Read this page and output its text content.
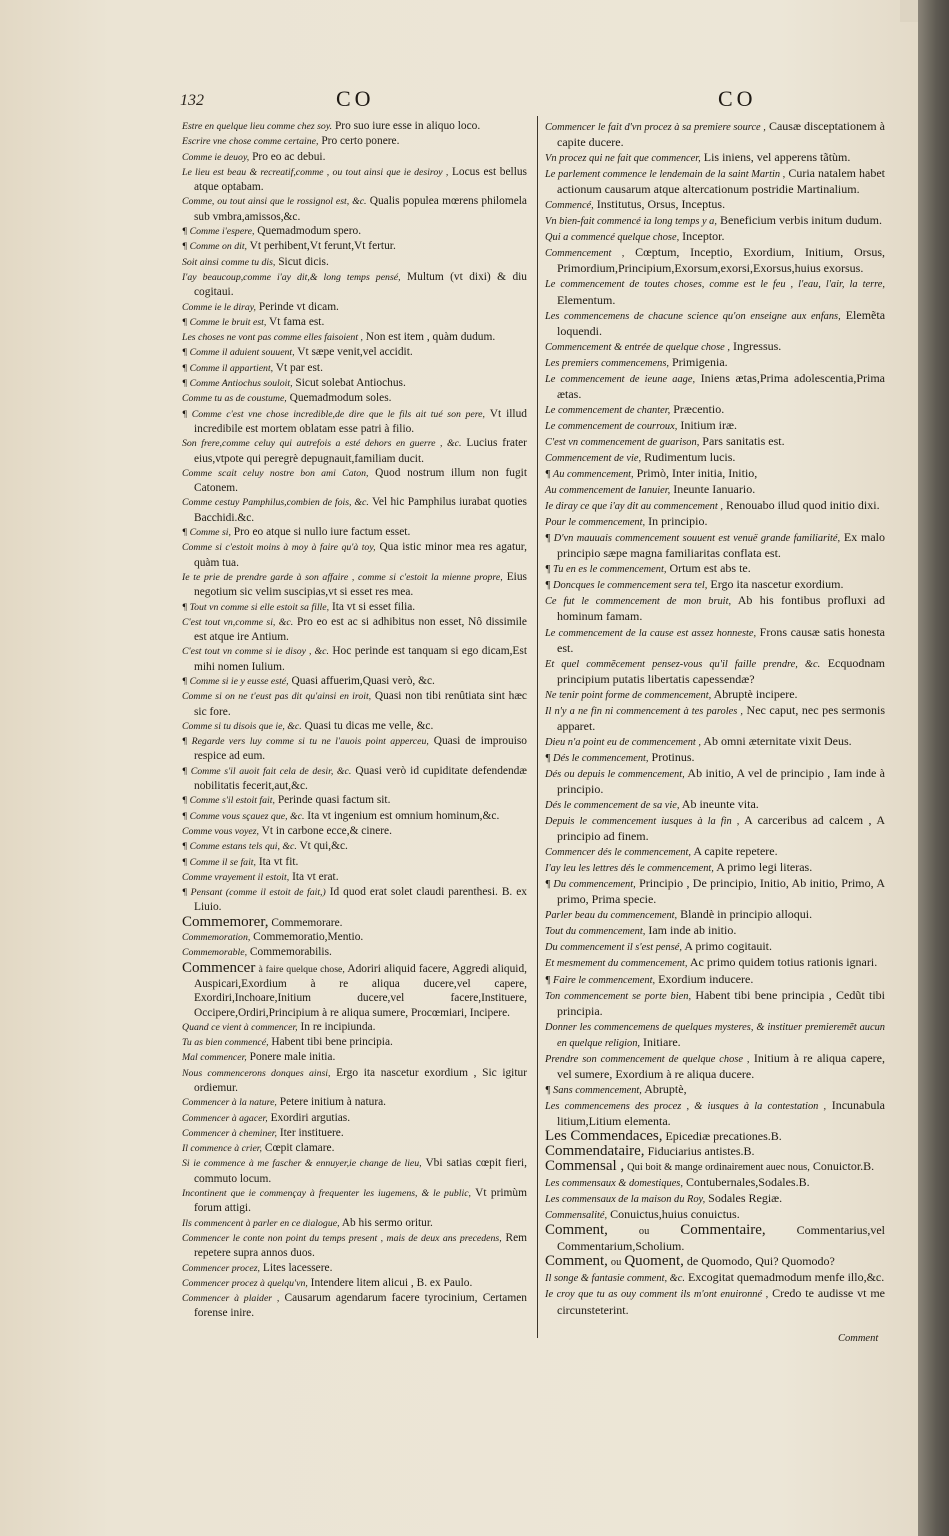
132	CO	CO

Estre en quelque lieu comme chez soy. Pro suo iure esse in aliquo loco.

Escrire vne chose comme certaine, Pro certo ponere.

Comme ie deuoy, Pro eo ac debui.

Le lieu est beau & recreatif,comme , ou tout ainsi que ie desiroy , Locus est bellus atque optabam.

Comme, ou tout ainsi que le rossignol est, &c. Qualis populea mœrens philomela sub vmbra,amissos,&c.

¶ Comme i'espere, Quemadmodum spero.

¶ Comme on dit, Vt perhibent,Vt ferunt,Vt fertur.

Soit ainsi comme tu dis, Sicut dicis.

I'ay beaucoup,comme i'ay dit,& long temps pensé, Multum (vt dixi) & diu cogitaui.

Comme ie le diray, Perinde vt dicam.

¶ Comme le bruit est, Vt fama est.

Les choses ne vont pas comme elles faisoient , Non est item , quàm dudum.

¶ Comme il aduient souuent, Vt sæpe venit,vel accidit.

¶ Comme il appartient, Vt par est.

¶ Comme Antiochus souloit, Sicut solebat Antiochus.

Comme tu as de coustume, Quemadmodum soles.

¶ Comme c'est vne chose incredible,de dire que le fils ait tué son pere, Vt illud incredibile est mortem oblatam esse patri à filio.

Son frere,comme celuy qui autrefois a esté dehors en guerre , &c. Lucius frater eius,vtpote qui peregrè depugnauit,familiam ducit.

Comme scait celuy nostre bon ami Caton, Quod nostrum illum non fugit Catonem.

Comme cestuy Pamphilus,combien de fois, &c. Vel hic Pamphilus iurabat quoties Bacchidi.&c.

¶ Comme si, Pro eo atque si nullo iure factum esset.

Comme si c'estoit moins à moy à faire qu'à toy, Qua istic minor mea res agatur, quàm tua.

Ie te prie de prendre garde à son affaire , comme si c'estoit la mienne propre, Eius negotium sic velim suscipias,vt si esset res mea.

¶ Tout vn comme si elle estoit sa fille, Ita vt si esset filia.

C'est tout vn,comme si, &c. Pro eo est ac si adhibitus non esset, Nô dissimile est atque ire Antium.

C'est tout vn comme si ie disoy , &c. Hoc perinde est tanquam si ego dicam,Est mihi nomen Iulium.

¶ Comme si ie y eusse esté, Quasi affuerim,Quasi verò, &c.

Comme si on ne t'eust pas dit qu'ainsi en iroit, Quasi non tibi renûtiata sint hæc sic fore.

Comme si tu disois que ie, &c. Quasi tu dicas me velle, &c.

¶ Regarde vers luy comme si tu ne l'auois point apperceu, Quasi de improuiso respice ad eum.

¶ Comme s'il auoit fait cela de desir, &c. Quasi verò id cupiditate defendendæ nobilitatis fecerit,aut,&c.

¶ Comme s'il estoit fait, Perinde quasi factum sit.

¶ Comme vous sçauez que, &c. Ita vt ingenium est omnium hominum,&c.

Comme vous voyez, Vt in carbone ecce,& cinere.

¶ Comme estans tels qui, &c. Vt qui,&c.

¶ Comme il se fait, Ita vt fit.

Comme vrayement il estoit, Ita vt erat.

¶ Pensant (comme il estoit de fait,) Id quod erat solet claudi parenthesi. B. ex Liuio.

Commemorer, Commemorare.

Commemoration, Commemoratio,Mentio.

Commemorable, Commemorabilis.

Commencer à faire quelque chose, Adoriri aliquid facere, Aggredi aliquid, Auspicari,Exordium à re aliqua ducere,vel capere, Exordiri,Inchoare,Initium ducere,vel facere,Instituere, Occipere,Ordiri,Principium à re aliqua sumere, Procœmiari, Incipere.

Quand ce vient à commencer, In re incipiunda.

Tu as bien commencé, Habent tibi bene principia.

Mal commencer, Ponere male initia.

Nous commencerons donques ainsi, Ergo ita nascetur exordium , Sic igitur ordiemur.

Commencer à la nature, Petere initium à natura.

Commencer à agacer, Exordiri argutias.

Commencer à cheminer, Iter instituere.

Il commence à crier, Cœpit clamare.

Si ie commence à me fascher & ennuyer,ie change de lieu, Vbi satias cœpit fieri, commuto locum.

Incontinent que ie commençay à frequenter les iugemens, & le public, Vt primùm forum attigi.

Ils commencent à parler en ce dialogue, Ab his sermo oritur.

Commencer le conte non point du temps present , mais de deux ans precedens, Rem repetere supra annos duos.

Commencer procez, Lites lacessere.

Commencer procez à quelqu'vn, Intendere litem alicui , B. ex Paulo.

Commencer à plaider , Causarum agendarum facere tyrocinium, Certamen forense inire.

Commencer le fait d'vn procez à sa premiere source , Causæ disceptationem à capite ducere.

Vn procez qui ne fait que commencer, Lis iniens, vel apperens tãtùm.

Le parlement commence le lendemain de la saint Martin , Curia natalem habet actionum causarum atque altercationum postridie Martinalium.

Commencé, Institutus, Orsus, Inceptus.

Vn bien-fait commencé ia long temps y a, Beneficium verbis initum dudum.

Qui a commencé quelque chose, Inceptor.

Commencement , Cœptum, Inceptio, Exordium, Initium, Orsus, Primordium,Principium,Exorsum,exorsi,Exorsus,huius exorsus.

Le commencement de toutes choses, comme est le feu , l'eau, l'air, la terre, Elementum.

Les commencemens de chacune science qu'on enseigne aux enfans, Elemẽta loquendi.

Commencement & entrée de quelque chose , Ingressus.

Les premiers commencemens, Primigenia.

Le commencement de ieune aage, Iniens ætas,Prima adolescentia,Prima ætas.

Le commencement de chanter, Præcentio.

Le commencement de courroux, Initium iræ.

C'est vn commencement de guarison, Pars sanitatis est.

Commencement de vie, Rudimentum lucis.

¶ Au commencement, Primò, Inter initia, Initio,

Au commencement de Ianuier, Ineunte Ianuario.

Ie diray ce que i'ay dit au commencement , Renouabo illud quod initio dixi.

Pour le commencement, In principio.

¶ D'vn mauuais commencement souuent est venuë grande familiarité, Ex malo principio sæpe magna familiaritas conflata est.

¶ Tu en es le commencement, Ortum est abs te.

¶ Doncques le commencement sera tel, Ergo ita nascetur exordium.

Ce fut le commencement de mon bruit, Ab his fontibus profluxi ad hominum famam.

Le commencement de la cause est assez honneste, Frons causæ satis honesta est.

Et quel commẽcement pensez-vous qu'il faille prendre, &c. Ecquodnam principium putatis libertatis capessendæ?

Ne tenir point forme de commencement, Abruptè incipere.

Il n'y a ne fin ni commencement à tes paroles , Nec caput, nec pes sermonis apparet.

Dieu n'a point eu de commencement , Ab omni æternitate vixit Deus.

¶ Dés le commencement, Protinus.

Dés ou depuis le commencement, Ab initio, A vel de principio , Iam inde à principio.

Dés le commencement de sa vie, Ab ineunte vita.

Depuis le commencement iusques à la fin , A carceribus ad calcem , A principio ad finem.

Commencer dés le commencement, A capite repetere.

I'ay leu les lettres dés le commencement, A primo legi literas.

¶ Du commencement, Principio , De principio, Initio, Ab initio, Primo, A primo, Prima specie.

Parler beau du commencement, Blandè in principio alloqui.

Tout du commencement, Iam inde ab initio.

Du commencement il s'est pensé, A primo cogitauit.

Et mesmement du commencement, Ac primo quidem totius rationis ignari.

¶ Faire le commencement, Exordium inducere.

Ton commencement se porte bien, Habent tibi bene principia , Cedũt tibi principia.

Donner les commencemens de quelques mysteres, & instituer premieremẽt aucun en quelque religion, Initiare.

Prendre son commencement de quelque chose , Initium à re aliqua capere, vel sumere, Exordium à re aliqua ducere.

¶ Sans commencement, Abruptè,

Les commencemens des procez , & iusques à la contestation , Incunabula litium,Litium elementa.

Les Commendaces, Epicediæ precationes.B.

Commendataire, Fiduciarius antistes.B.

Commensal , Qui boit & mange ordinairement auec nous, Conuictor.B.

Les commensaux & domestiques, Contubernales,Sodales.B.

Les commensaux de la maison du Roy, Sodales Regiæ.

Commensalité, Conuictus,huius conuictus.

Comment,	ou Commentaire,	Commentarius,vel Commentarium,Scholium.

Comment, ou Quoment, de Quomodo, Qui? Quomodo?

Il songe & fantasie comment, &c. Excogitat quemadmodum menfe illo,&c.

Ie croy que tu as ouy comment ils m'ont enuironné , Credo te audisse vt me circunsteterint.

Comment
